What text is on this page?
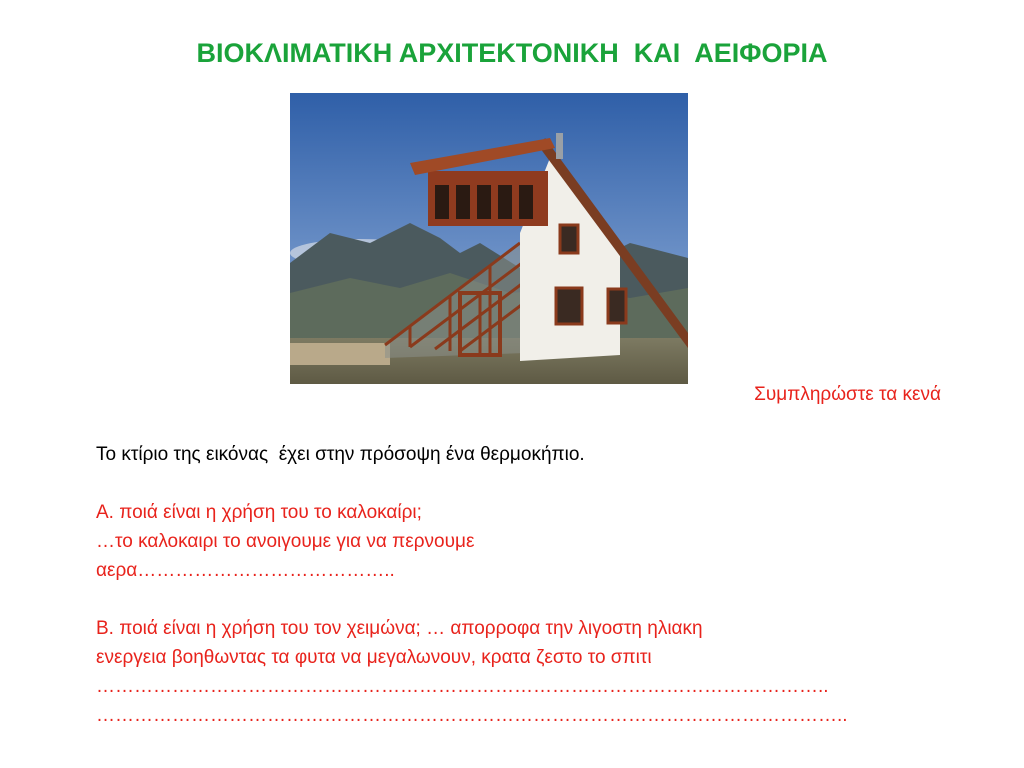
ΒΙΟΚΛΙΜΑΤΙΚΗ ΑΡΧΙΤΕΚΤΟΝΙΚΗ  ΚΑΙ  ΑΕΙΦΟΡΙΑ
Συμπληρώστε τα κενά
Το κτίριο της εικόνας  έχει στην πρόσοψη ένα θερμοκήπιο.
Α. ποιά είναι η χρήση του το καλοκαίρι;
…το καλοκαιρι το ανοιγουμε για να περνουμε
αερα…………………………………..
Β. ποιά είναι η χρήση του τον χειμώνα; … απορροφα την λιγοστη ηλιακη
ενεργεια βοηθωντας τα φυτα να μεγαλωνουν, κρατα ζεστο το σπιτι
……………………………………………………………………………………………………..
………………………………………………………………………………………………………..
